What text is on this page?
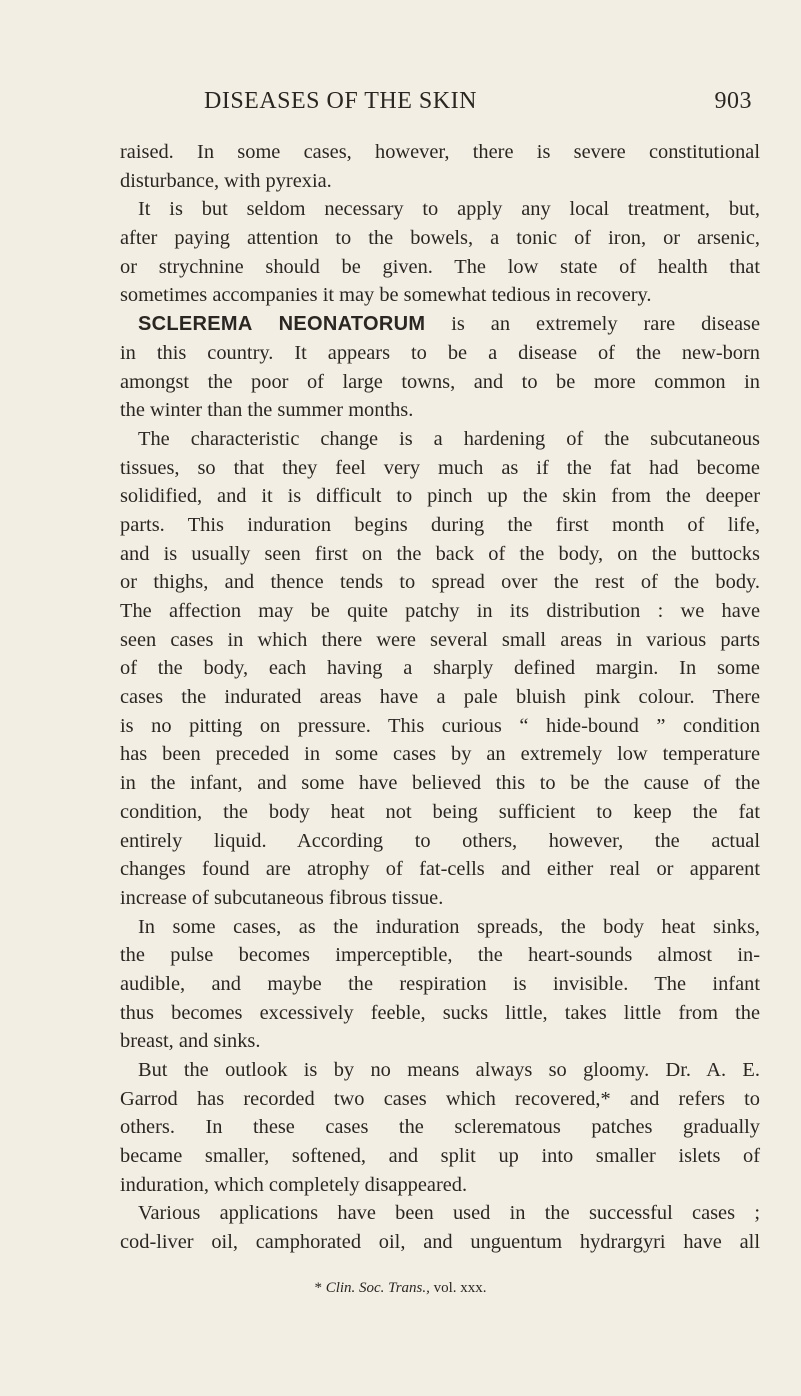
DISEASES OF THE SKIN	903
raised. In some cases, however, there is severe constitutional
disturbance, with pyrexia.
It is but seldom necessary to apply any local treatment, but,
after paying attention to the bowels, a tonic of iron, or arsenic,
or strychnine should be given. The low state of health that
sometimes accompanies it may be somewhat tedious in recovery.
SCLEREMA NEONATORUM is an extremely rare disease
in this country. It appears to be a disease of the new-born
amongst the poor of large towns, and to be more common in
the winter than the summer months.
The characteristic change is a hardening of the subcutaneous
tissues, so that they feel very much as if the fat had become
solidified, and it is difficult to pinch up the skin from the deeper
parts. This induration begins during the first month of life,
and is usually seen first on the back of the body, on the buttocks
or thighs, and thence tends to spread over the rest of the body.
The affection may be quite patchy in its distribution : we have
seen cases in which there were several small areas in various parts
of the body, each having a sharply defined margin. In some
cases the indurated areas have a pale bluish pink colour. There
is no pitting on pressure. This curious “ hide-bound ” condition
has been preceded in some cases by an extremely low temperature
in the infant, and some have believed this to be the cause of the
condition, the body heat not being sufficient to keep the fat
entirely liquid. According to others, however, the actual
changes found are atrophy of fat-cells and either real or apparent
increase of subcutaneous fibrous tissue.
In some cases, as the induration spreads, the body heat sinks,
the pulse becomes imperceptible, the heart-sounds almost in-
audible, and maybe the respiration is invisible. The infant
thus becomes excessively feeble, sucks little, takes little from the
breast, and sinks.
But the outlook is by no means always so gloomy. Dr. A. E.
Garrod has recorded two cases which recovered,* and refers to
others. In these cases the sclerematous patches gradually
became smaller, softened, and split up into smaller islets of
induration, which completely disappeared.
Various applications have been used in the successful cases ;
cod-liver oil, camphorated oil, and unguentum hydrargyri have all
* Clin. Soc. Trans., vol. xxx.
